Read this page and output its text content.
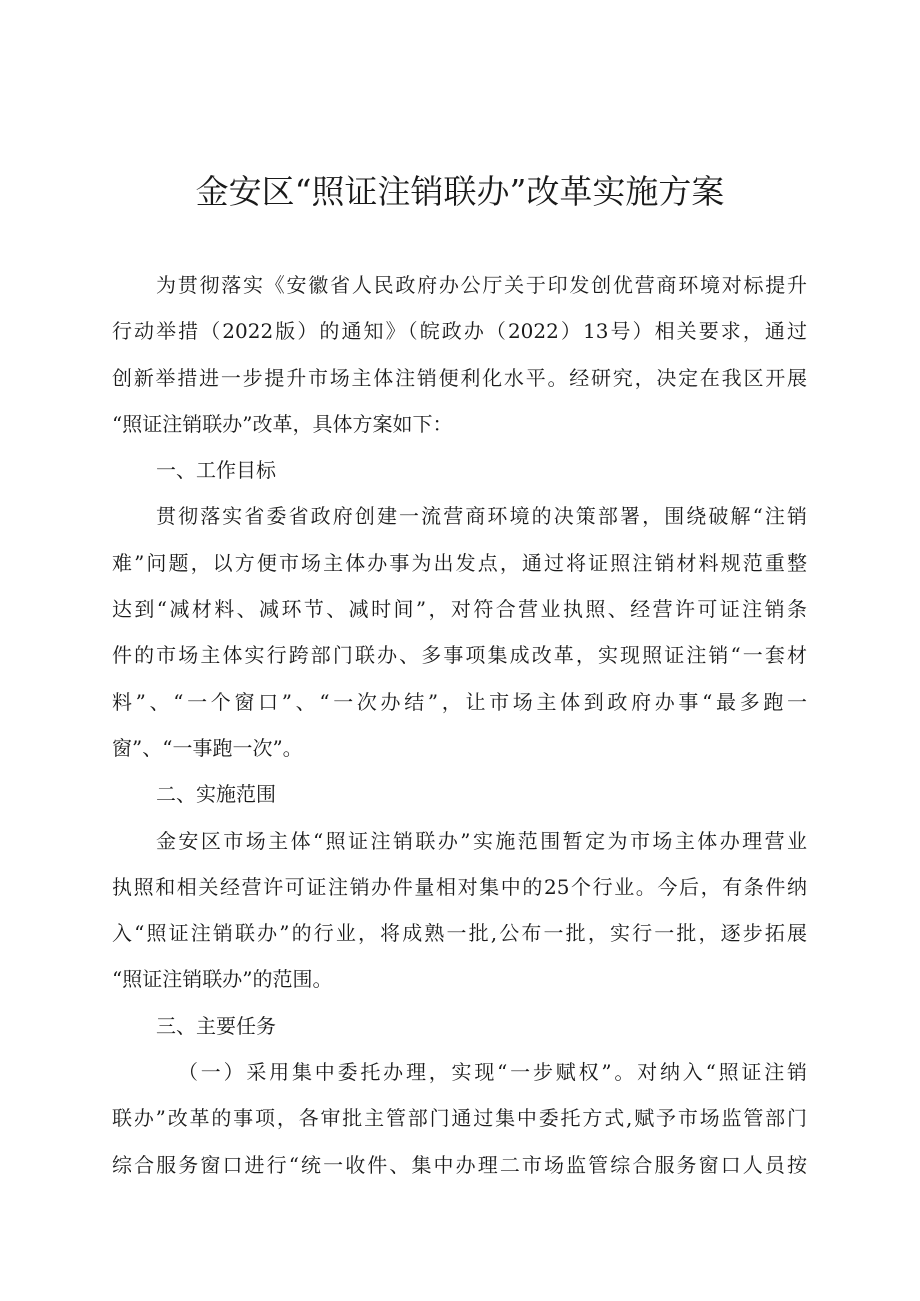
金安区“照证注销联办”改革实施方案
为贯彻落实《安徽省人民政府办公厅关于印发创优营商环境对标提升
行动举措（2022版）的通知》（皖政办（2022）13号）相关要求，通过
创新举措进一步提升市场主体注销便利化水平。经研究，决定在我区开展
“照证注销联办”改革，具体方案如下：
一、工作目标
贯彻落实省委省政府创建一流营商环境的决策部署，围绕破解“注销
难”问题，以方便市场主体办事为出发点，通过将证照注销材料规范重整
达到“减材料、减环节、减时间”，对符合营业执照、经营许可证注销条
件的市场主体实行跨部门联办、多事项集成改革，实现照证注销“一套材
料”、“一个窗口”、“一次办结”，让市场主体到政府办事“最多跑一
窗”、“一事跑一次”。
二、实施范围
金安区市场主体“照证注销联办”实施范围暂定为市场主体办理营业
执照和相关经营许可证注销办件量相对集中的25个行业。今后，有条件纳
入“照证注销联办”的行业，将成熟一批,公布一批，实行一批，逐步拓展
“照证注销联办”的范围。
三、主要任务
（一）采用集中委托办理，实现“一步赋权”。对纳入“照证注销
联办”改革的事项，各审批主管部门通过集中委托方式,赋予市场监管部门
综合服务窗口进行“统一收件、集中办理二市场监管综合服务窗口人员按
